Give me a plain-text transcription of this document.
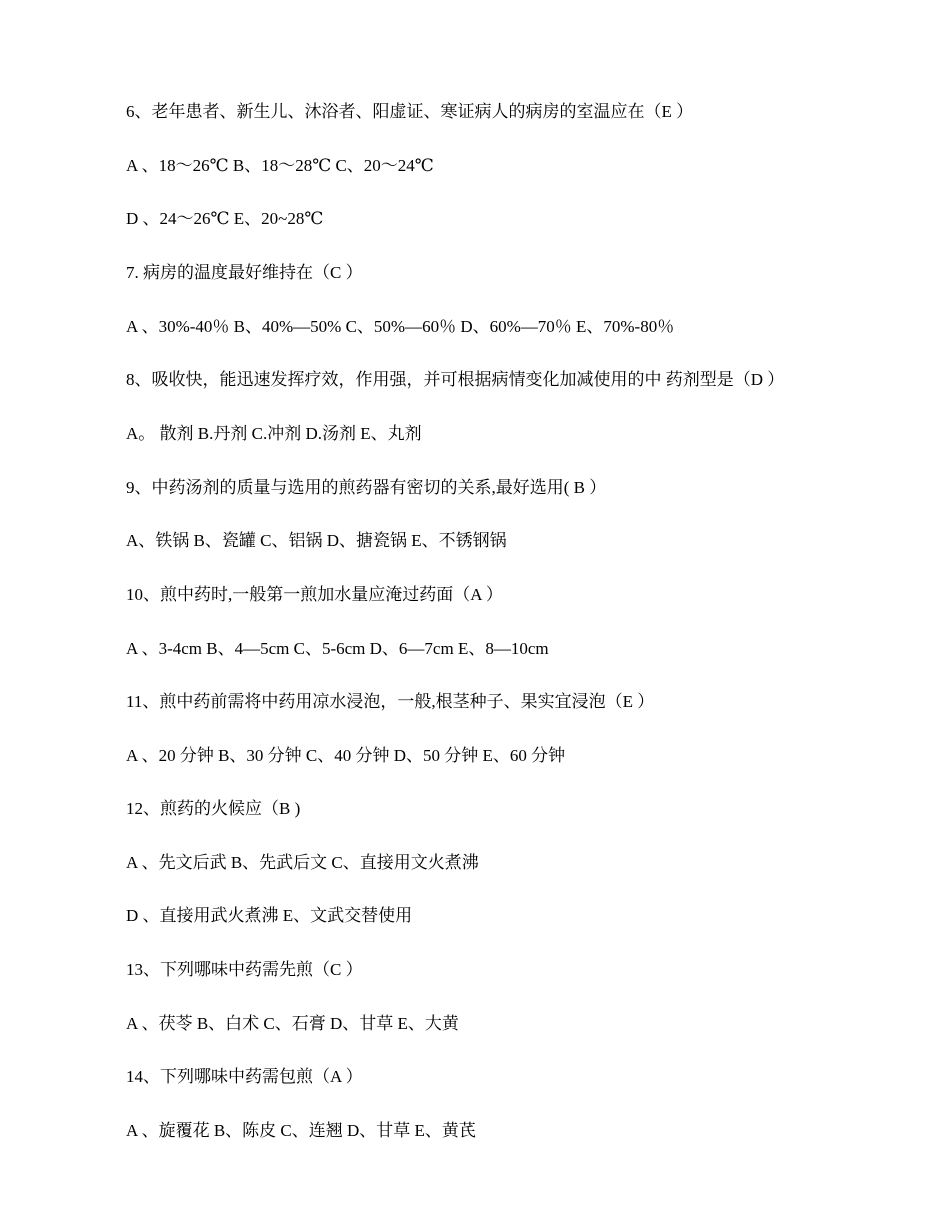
6、老年患者、新生儿、沐浴者、阳虚证、寒证病人的病房的室温应在（E ）
A 、18～26℃ B、18～28℃ C、20～24℃
D 、24～26℃ E、20~28℃
7. 病房的温度最好维持在（C ）
A 、30%-40％ B、40%—50% C、50%—60％ D、60%—70％ E、70%-80％
8、吸收快，能迅速发挥疗效，作用强，并可根据病情变化加减使用的中 药剂型是（D ）
A。 散剂 B.丹剂 C.冲剂 D.汤剂 E、丸剂
9、中药汤剂的质量与选用的煎药器有密切的关系,最好选用( B ）
A、铁锅 B、瓷罐 C、铝锅 D、搪瓷锅 E、不锈钢锅
10、煎中药时,一般第一煎加水量应淹过药面（A ）
A 、3-4cm B、4—5cm C、5-6cm D、6—7cm E、8—10cm
11、煎中药前需将中药用凉水浸泡，一般,根茎种子、果实宜浸泡（E ）
A 、20 分钟 B、30 分钟 C、40 分钟 D、50 分钟 E、60 分钟
12、煎药的火候应（B )
A 、先文后武 B、先武后文 C、直接用文火煮沸
D 、直接用武火煮沸 E、文武交替使用
13、下列哪味中药需先煎（C ）
A 、茯苓 B、白术 C、石膏 D、甘草 E、大黄
14、下列哪味中药需包煎（A ）
A 、旋覆花 B、陈皮 C、连翘 D、甘草 E、黄芪
